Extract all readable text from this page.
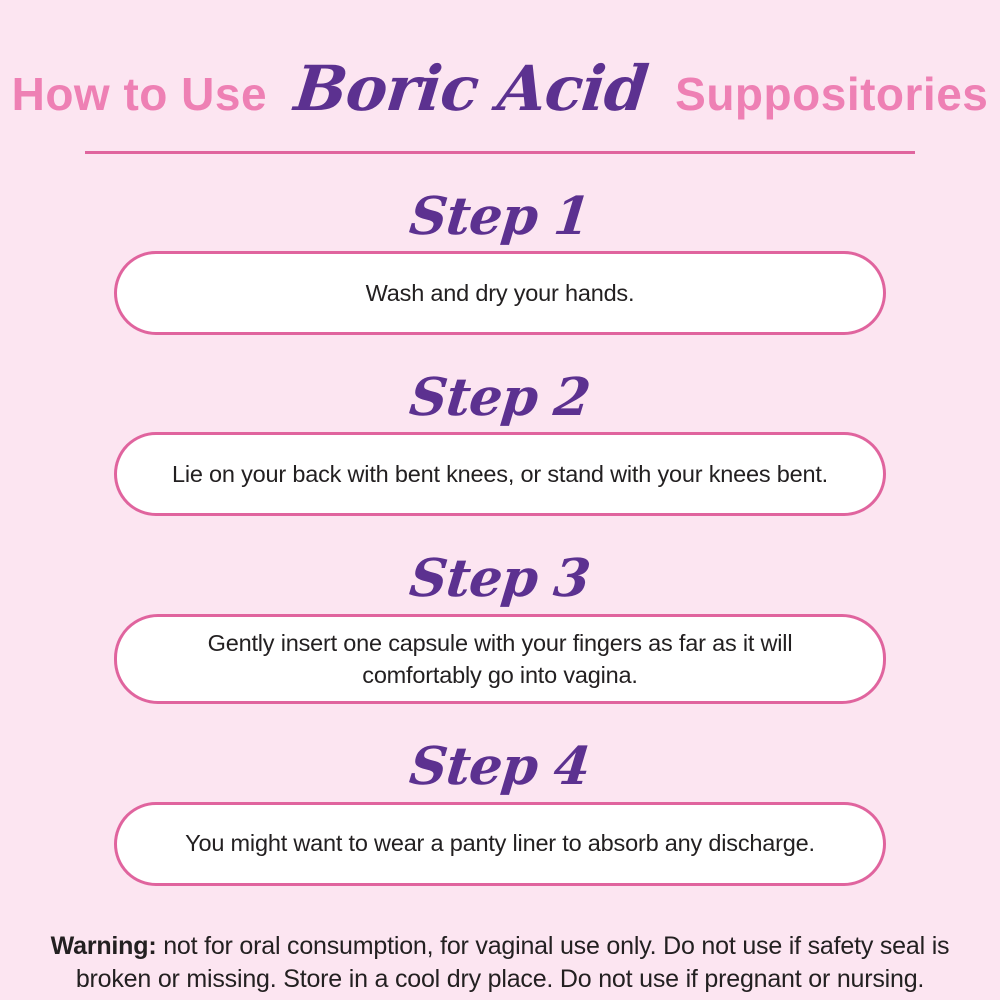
How to Use Boric Acid Suppositories
Step 1

Wash and dry your hands.

Step 2

Lie on your back with bent knees, or stand with your knees bent.

Step 3

Gently insert one capsule with your fingers as far as it will comfortably go into vagina.

Step 4

You might want to wear a panty liner to absorb any discharge.

Warning: not for oral consumption, for vaginal use only. Do not use if safety seal is broken or missing. Store in a cool dry place. Do not use if pregnant or nursing.
